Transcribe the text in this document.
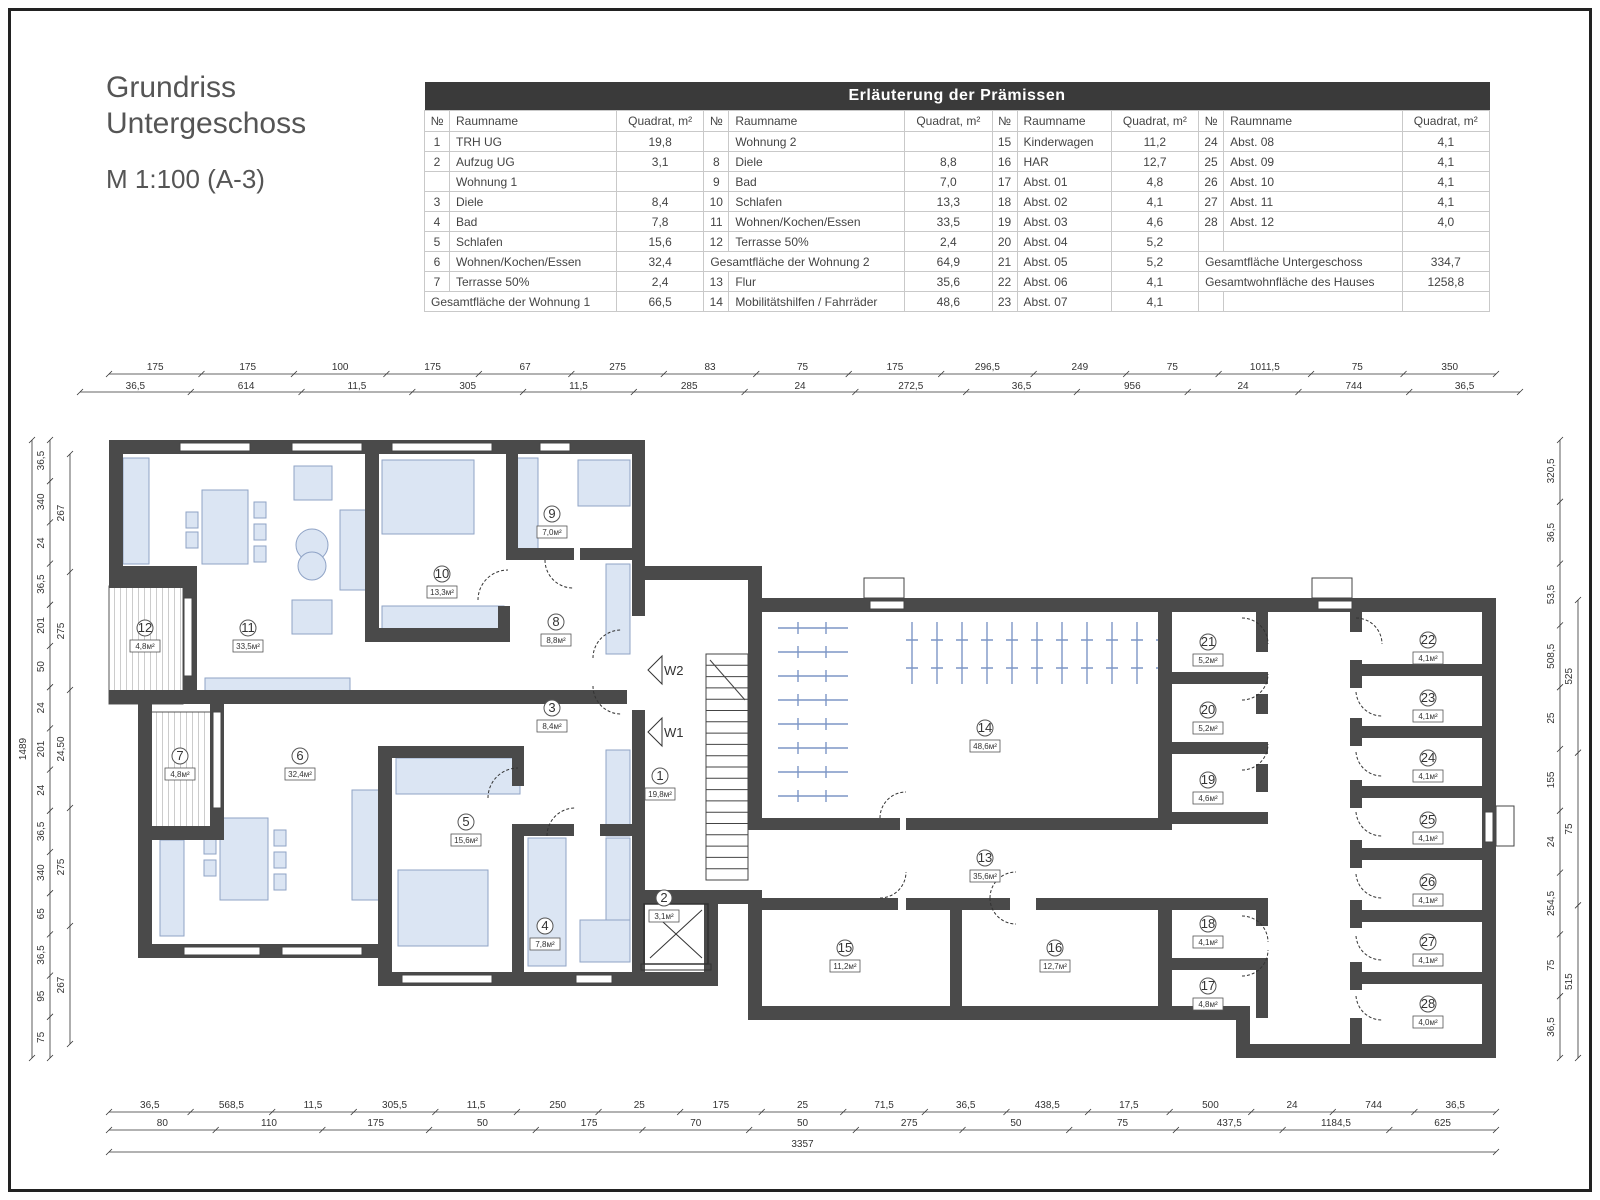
Grundriss
Untergeschoss
M 1:100 (A-3)
Erläuterung der Prämissen											
№	Raumname	Quadrat, m²	№	Raumname	Quadrat, m²	№	Raumname	Quadrat, m²	№	Raumname	Quadrat, m²
1	TRH UG	19,8		Wohnung 2		15	Kinderwagen	11,2	24	Abst. 08	4,1
2	Aufzug UG	3,1	8	Diele	8,8	16	HAR	12,7	25	Abst. 09	4,1
	Wohnung 1		9	Bad	7,0	17	Abst. 01	4,8	26	Abst. 10	4,1
3	Diele	8,4	10	Schlafen	13,3	18	Abst. 02	4,1	27	Abst. 11	4,1
4	Bad	7,8	11	Wohnen/Kochen/Essen	33,5	19	Abst. 03	4,6	28	Abst. 12	4,0
5	Schlafen	15,6	12	Terrasse 50%	2,4	20	Abst. 04	5,2			
6	Wohnen/Kochen/Essen	32,4	Gesamtfläche der Wohnung 2		64,9	21	Abst. 05	5,2	Gesamtfläche Untergeschoss		334,7
7	Terrasse 50%	2,4	13	Flur	35,6	22	Abst. 06	4,1	Gesamtwohnfläche des Hauses		1258,8
Gesamtfläche der Wohnung 1		66,5	14	Mobilitätshilfen / Fahrräder	48,6	23	Abst. 07	4,1			
W2
W1
1
19,8м²
2
3,1м²
3
8,4м²
4
7,8м²
5
15,6м²
6
32,4м²
7
4,8м²
8
8,8м²
9
7,0м²
10
13,3м²
11
33,5м²
12
4,8м²
13
35,6м²
14
48,6м²
15
11,2м²
16
12,7м²
17
4,8м²
18
4,1м²
19
4,6м²
20
5,2м²
21
5,2м²
22
4,1м²
23
4,1м²
24
4,1м²
25
4,1м²
26
4,1м²
27
4,1м²
28
4,0м²
175	175	100	175	67	275	83	75	175	296,5	249	75	1011,5	75	350
36,5	614	11,5	305	11,5	285	24	272,5	36,5	956	24	744	36,5
36,5	568,5	11,5	305,5	11,5	250	25	175	25	71,5	36,5	438,5	17,5	500	24	744	36,5
80	110	175	50	175	70	50	275	50	75	437,5	1184,5	625
3357
36,5
340
24
36,5
201
50
24
201
24
36,5
340
65
36,5
95
75
267
275
24,50
275
267
1489
320,5
36,5
53,5
508,5
25
155
24
254,5
75
36,5
525
75
515
